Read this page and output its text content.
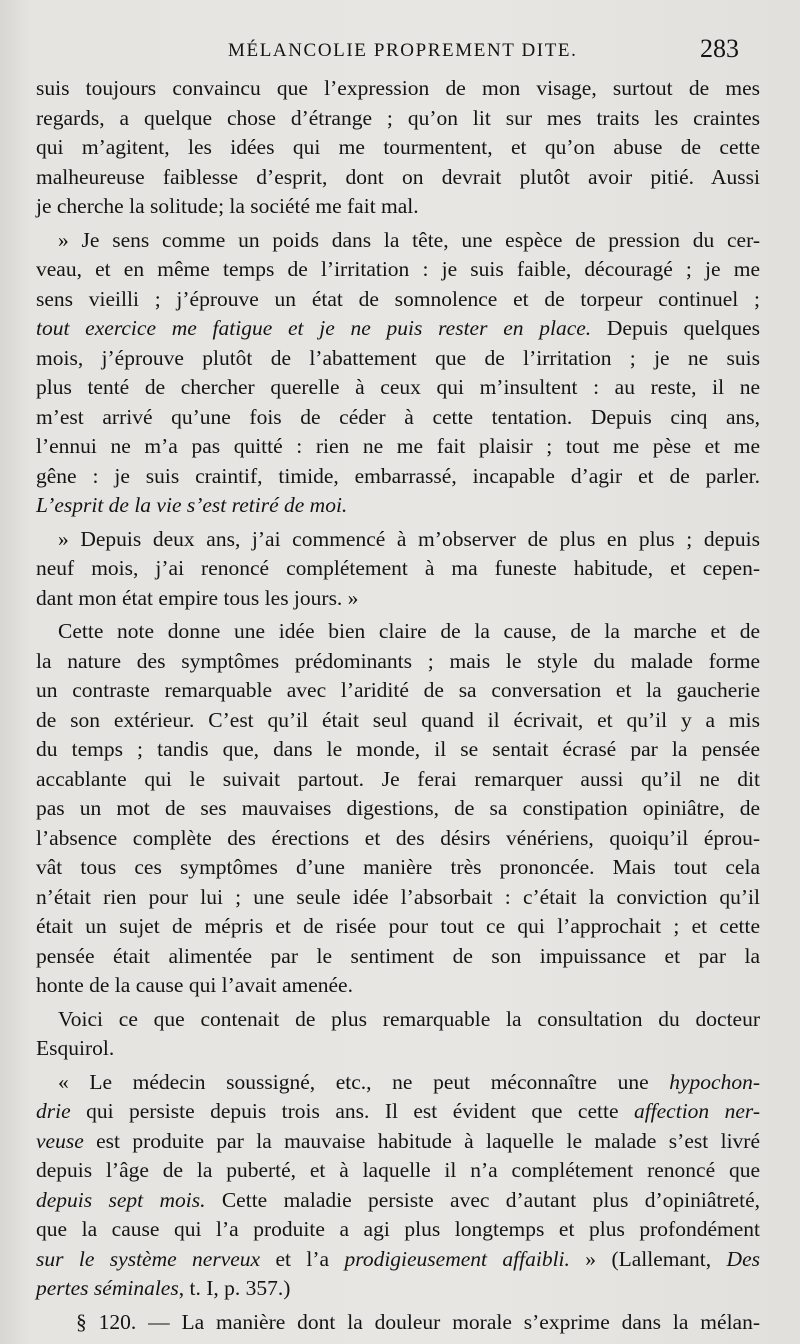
MÉLANCOLIE PROPREMENT DITE.	283
suis toujours convaincu que l’expression de mon visage, surtout de mes
regards, a quelque chose d’étrange ; qu’on lit sur mes traits les craintes
qui m’agitent, les idées qui me tourmentent, et qu’on abuse de cette
malheureuse faiblesse d’esprit, dont on devrait plutôt avoir pitié. Aussi
je cherche la solitude; la société me fait mal.
» Je sens comme un poids dans la tête, une espèce de pression du cer-
veau, et en même temps de l’irritation : je suis faible, découragé ; je me
sens vieilli ; j’éprouve un état de somnolence et de torpeur continuel ;
tout exercice me fatigue et je ne puis rester en place. Depuis quelques
mois, j’éprouve plutôt de l’abattement que de l’irritation ; je ne suis
plus tenté de chercher querelle à ceux qui m’insultent : au reste, il ne
m’est arrivé qu’une fois de céder à cette tentation. Depuis cinq ans,
l’ennui ne m’a pas quitté : rien ne me fait plaisir ; tout me pèse et me
gêne : je suis craintif, timide, embarrassé, incapable d’agir et de parler.
L’esprit de la vie s’est retiré de moi.
» Depuis deux ans, j’ai commencé à m’observer de plus en plus ; depuis
neuf mois, j’ai renoncé complétement à ma funeste habitude, et cepen-
dant mon état empire tous les jours. »
Cette note donne une idée bien claire de la cause, de la marche et de
la nature des symptômes prédominants ; mais le style du malade forme
un contraste remarquable avec l’aridité de sa conversation et la gaucherie
de son extérieur. C’est qu’il était seul quand il écrivait, et qu’il y a mis
du temps ; tandis que, dans le monde, il se sentait écrasé par la pensée
accablante qui le suivait partout. Je ferai remarquer aussi qu’il ne dit
pas un mot de ses mauvaises digestions, de sa constipation opiniâtre, de
l’absence complète des érections et des désirs vénériens, quoiqu’il éprou-
vât tous ces symptômes d’une manière très prononcée. Mais tout cela
n’était rien pour lui ; une seule idée l’absorbait : c’était la conviction qu’il
était un sujet de mépris et de risée pour tout ce qui l’approchait ; et cette
pensée était alimentée par le sentiment de son impuissance et par la
honte de la cause qui l’avait amenée.
Voici ce que contenait de plus remarquable la consultation du docteur
Esquirol.
« Le médecin soussigné, etc., ne peut méconnaître une hypochon-
drie qui persiste depuis trois ans. Il est évident que cette affection ner-
veuse est produite par la mauvaise habitude à laquelle le malade s’est livré
depuis l’âge de la puberté, et à laquelle il n’a complétement renoncé que
depuis sept mois. Cette maladie persiste avec d’autant plus d’opiniâtreté,
que la cause qui l’a produite a agi plus longtemps et plus profondément
sur le système nerveux et l’a prodigieusement affaibli. » (Lallemant, Des
pertes séminales, t. I, p. 357.)
§ 120. — La manière dont la douleur morale s’exprime dans la mélan-
